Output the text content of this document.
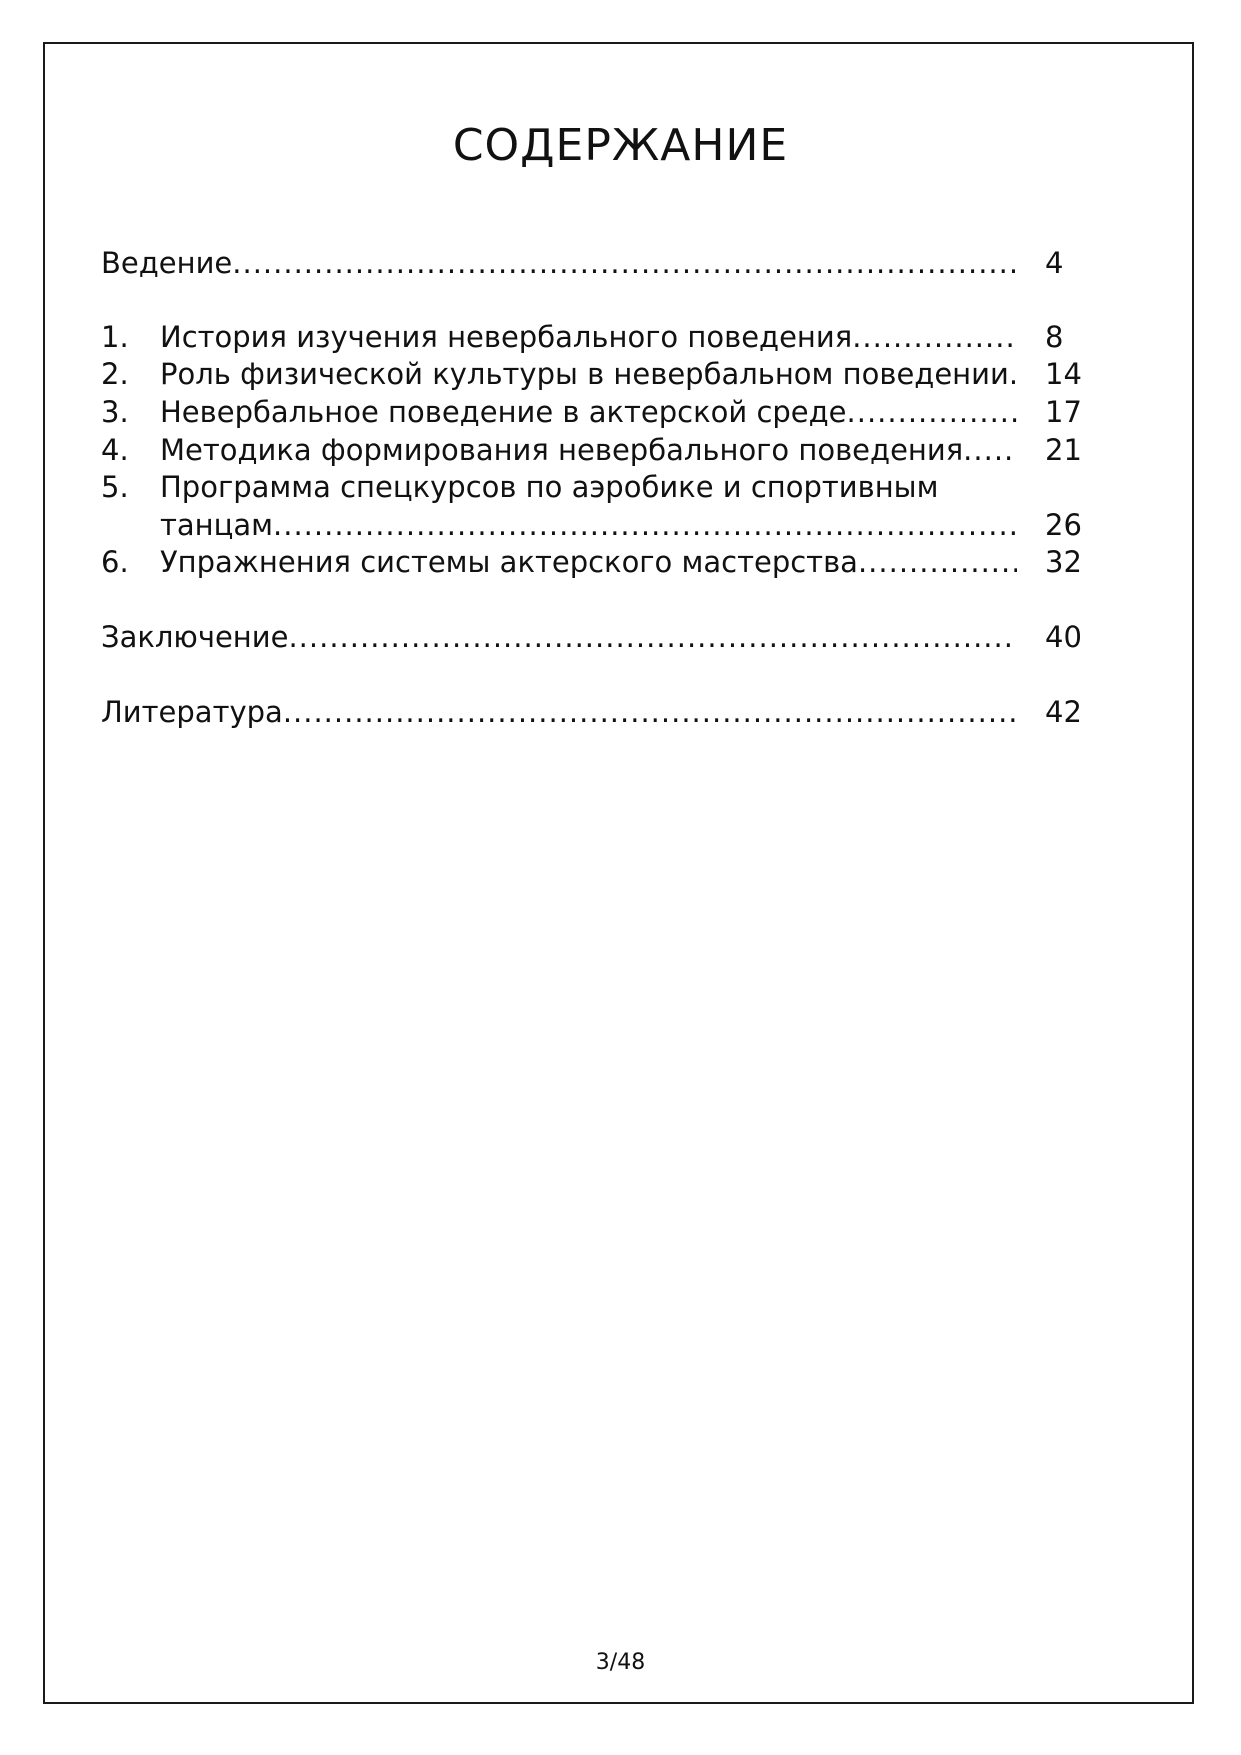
СОДЕРЖАНИЕ
Ведение .....	4
1. История изучения невербального поведения .....	8
2. Роль физической культуры в невербальном поведении ..... 14
3. Невербальное поведение в актерской среде .....	17
4. Методика формирования невербального поведения .....	21
5. Программа спецкурсов по аэробике и спортивным
танцам .....	26
6. Упражнения системы актерского мастерства .....	32
Заключение .....	40
Литература .....	42
3/48
